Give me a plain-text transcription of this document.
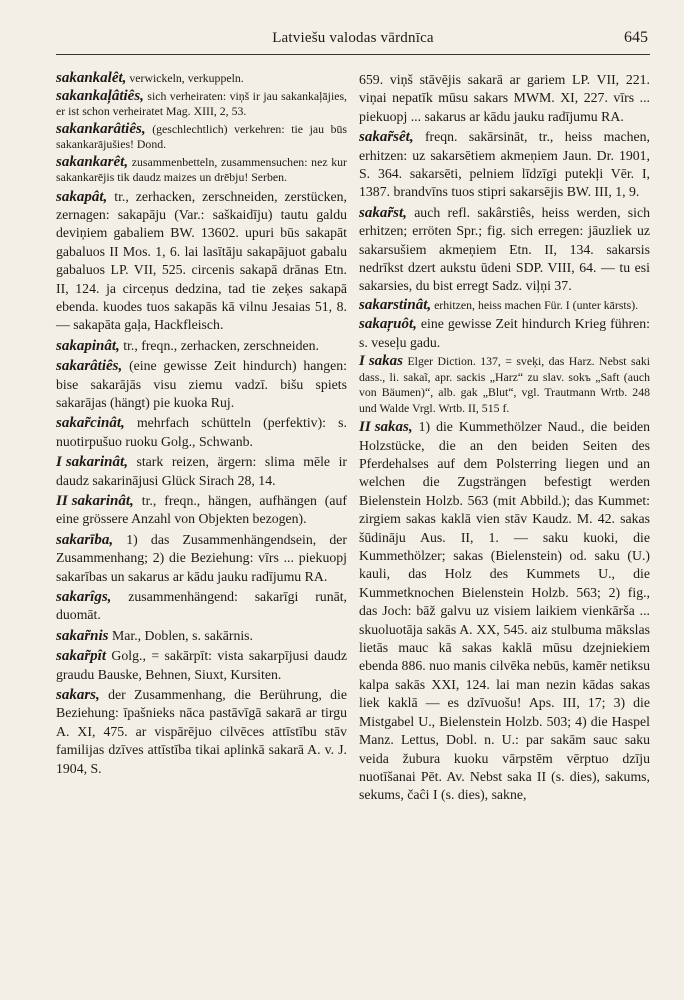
Latviešu valodas vārdnīca	645

sakankalêt, verwickeln, verkuppeln.

sakankaļâtiês, sich verheiraten: viņš ir jau sakankaļājies, er ist schon verheiratet Mag. XIII, 2, 53.

sakankarâtiês, (geschlechtlich) verkehren: tie jau būs sakankarājušies! Dond.

sakankarêt, zusammenbetteln, zusammensuchen: nez kur sakankarējis tik daudz maizes un drēbju! Serben.

sakapât, tr., zerhacken, zerschneiden, zerstücken, zernagen: sakapāju (Var.: saškaidīju) tautu galdu deviņiem gabaliem BW. 13602. upuri būs sakapāt gabaluos II Mos. 1, 6. lai lasītāju sakapājuot gabalu gabaluos LP. VII, 525. circenis sakapā drānas Etn. II, 124. ja circeņus dedzina, tad tie zeķes sakapā ebenda. kuodes tuos sakapās kā vilnu Jesaias 51, 8. — sakapāta gaļa, Hackfleisch.

sakapinât, tr., freqn., zerhacken, zerschneiden.

sakarâtiês, (eine gewisse Zeit hindurch) hangen: bise sakarājās visu ziemu vadzī. bišu spiets sakarājas (hängt) pie kuoka Ruj.

sakar̃cinât, mehrfach schütteln (perfektiv): s. nuotirpušuo ruoku Golg., Schwanb.

I sakarinât, stark reizen, ärgern: slima mēle ir daudz sakarinājusi Glück Sirach 28, 14.

II sakarinât, tr., freqn., hängen, aufhängen (auf eine grössere Anzahl von Objekten bezogen).

sakarība, 1) das Zusammenhängendsein, der Zusammenhang; 2) die Beziehung: vīrs ... piekuopj sakarības un sakarus ar kādu jauku radījumu RA.

sakarîgs, zusammenhängend: sakarīgi runāt, duomāt.

sakar̃nis Mar., Doblen, s. sakārnis.

sakar̃pît Golg., = sakārpīt: vista sakarpījusi daudz graudu Bauske, Behnen, Siuxt, Kursiten.

sakars, der Zusammenhang, die Berührung, die Beziehung: īpašnieks nāca pastāvīgā sakarā ar tirgu A. XI, 475. ar vispārējuo cilvēces attīstību stāv familijas dzīves attīstība tikai aplinkā sakarā A. v. J. 1904, S.

659. viņš stāvējis sakarā ar gariem LP. VII, 221. viņai nepatīk mūsu sakars MWM. XI, 227. vīrs ... piekuopj ... sakarus ar kādu jauku radījumu RA.

sakar̃sêt, freqn. sakārsināt, tr., heiss machen, erhitzen: uz sakarsētiem akmeņiem Jaun. Dr. 1901, S. 364. sakarsēti, pelniem līdzīgi putekļi Vēr. I, 1387. brandvīns tuos stipri sakarsējis BW. III, 1, 9.

sakar̃st, auch refl. sakârstiês, heiss werden, sich erhitzen; erröten Spr.; fig. sich erregen: jāuzliek uz sakarsušiem akmeņiem Etn. II, 134. sakarsis nedrīkst dzert aukstu ūdeni SDP. VIII, 64. — tu esi sakarsies, du bist erregt Sadz. viļņi 37.

sakarstinât, erhitzen, heiss machen Für. I (unter kārsts).

sakaŗuôt, eine gewisse Zeit hindurch Krieg führen: s. veseļu gadu.

I sakas Elger Diction. 137, = sveķi, das Harz. Nebst saki dass., li. sakaĩ, apr. sackis „Harz“ zu slav. sokъ „Saft (auch von Bäumen)“, alb. gak „Blut“, vgl. Trautmann Wrtb. 248 und Walde Vrgl. Wrtb. II, 515 f.

II sakas, 1) die Kummethölzer Naud., die beiden Holzstücke, die an den beiden Seiten des Pferdehalses auf dem Polsterring liegen und an welchen die Zugsträngen befestigt werden Bielenstein Holzb. 563 (mit Abbild.); das Kummet: zirgiem sakas kaklā vien stāv Kaudz. M. 42. sakas šūdināju Aus. II, 1. — saku kuoki, die Kummethölzer; sakas (Bielenstein) od. saku (U.) kauli, das Holz des Kummets U., die Kummetknochen Bielenstein Holzb. 563; 2) fig., das Joch: bāž galvu uz visiem laikiem vienkāršа ... skuoluotāja sakās A. XX, 545. aiz stulbuma mākslas lietās mauc kā sakas kaklā mūsu dzejniekiem ebenda 886. nuo manis cilvēka nebūs, kamēr netiksu kalpa sakās XXI, 124. lai man nezin kādas sakas liek kaklā — es dzīvuošu! Aps. III, 17; 3) die Mistgabel U., Bielenstein Holzb. 503; 4) die Haspel Manz. Lettus, Dobl. n. U.: par sakām sauc saku veida žubura kuoku vārpstēm vērptuo dzīju nuotīšanai Pēt. Av. Nebst saka II (s. dies), sakums, sekums, čaĉi I (s. dies), sakne,
